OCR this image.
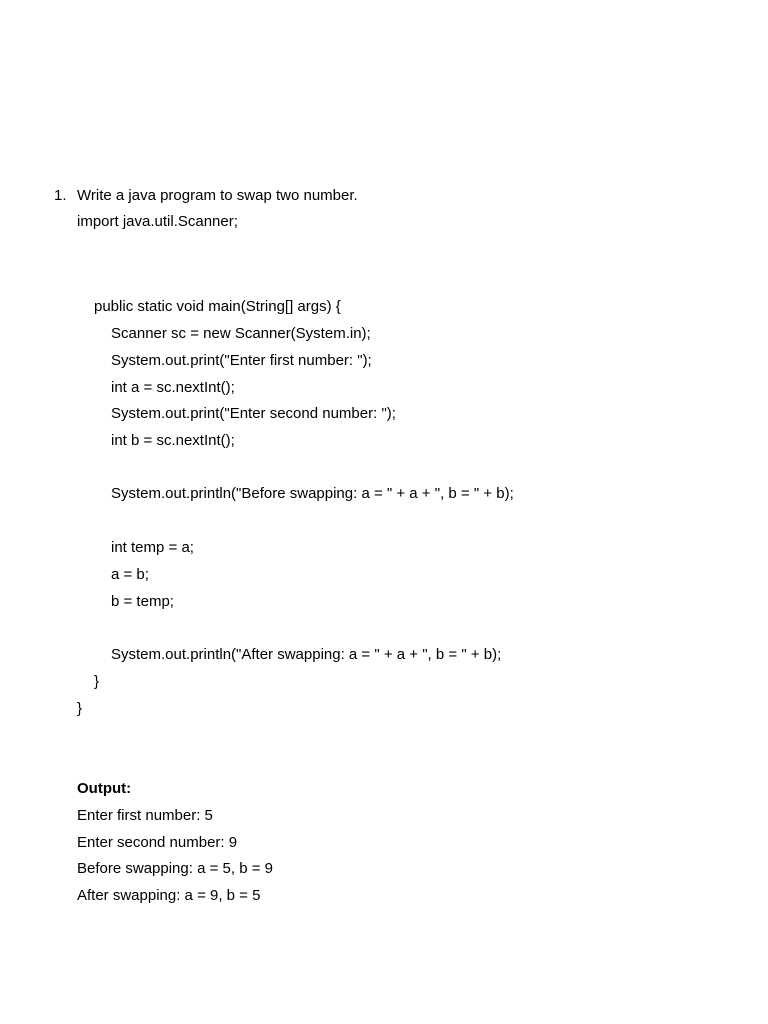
1. Write a java program to swap two number.
import java.util.Scanner;
public static void main(String[] args) {
Scanner sc = new Scanner(System.in);
System.out.print("Enter first number: ");
int a = sc.nextInt();
System.out.print("Enter second number: ");
int b = sc.nextInt();
System.out.println("Before swapping: a = " + a + ", b = " + b);
int temp = a;
a = b;
b = temp;
System.out.println("After swapping: a = " + a + ", b = " + b);
}
}
Output:
Enter first number: 5
Enter second number: 9
Before swapping: a = 5, b = 9
After swapping: a = 9, b = 5
